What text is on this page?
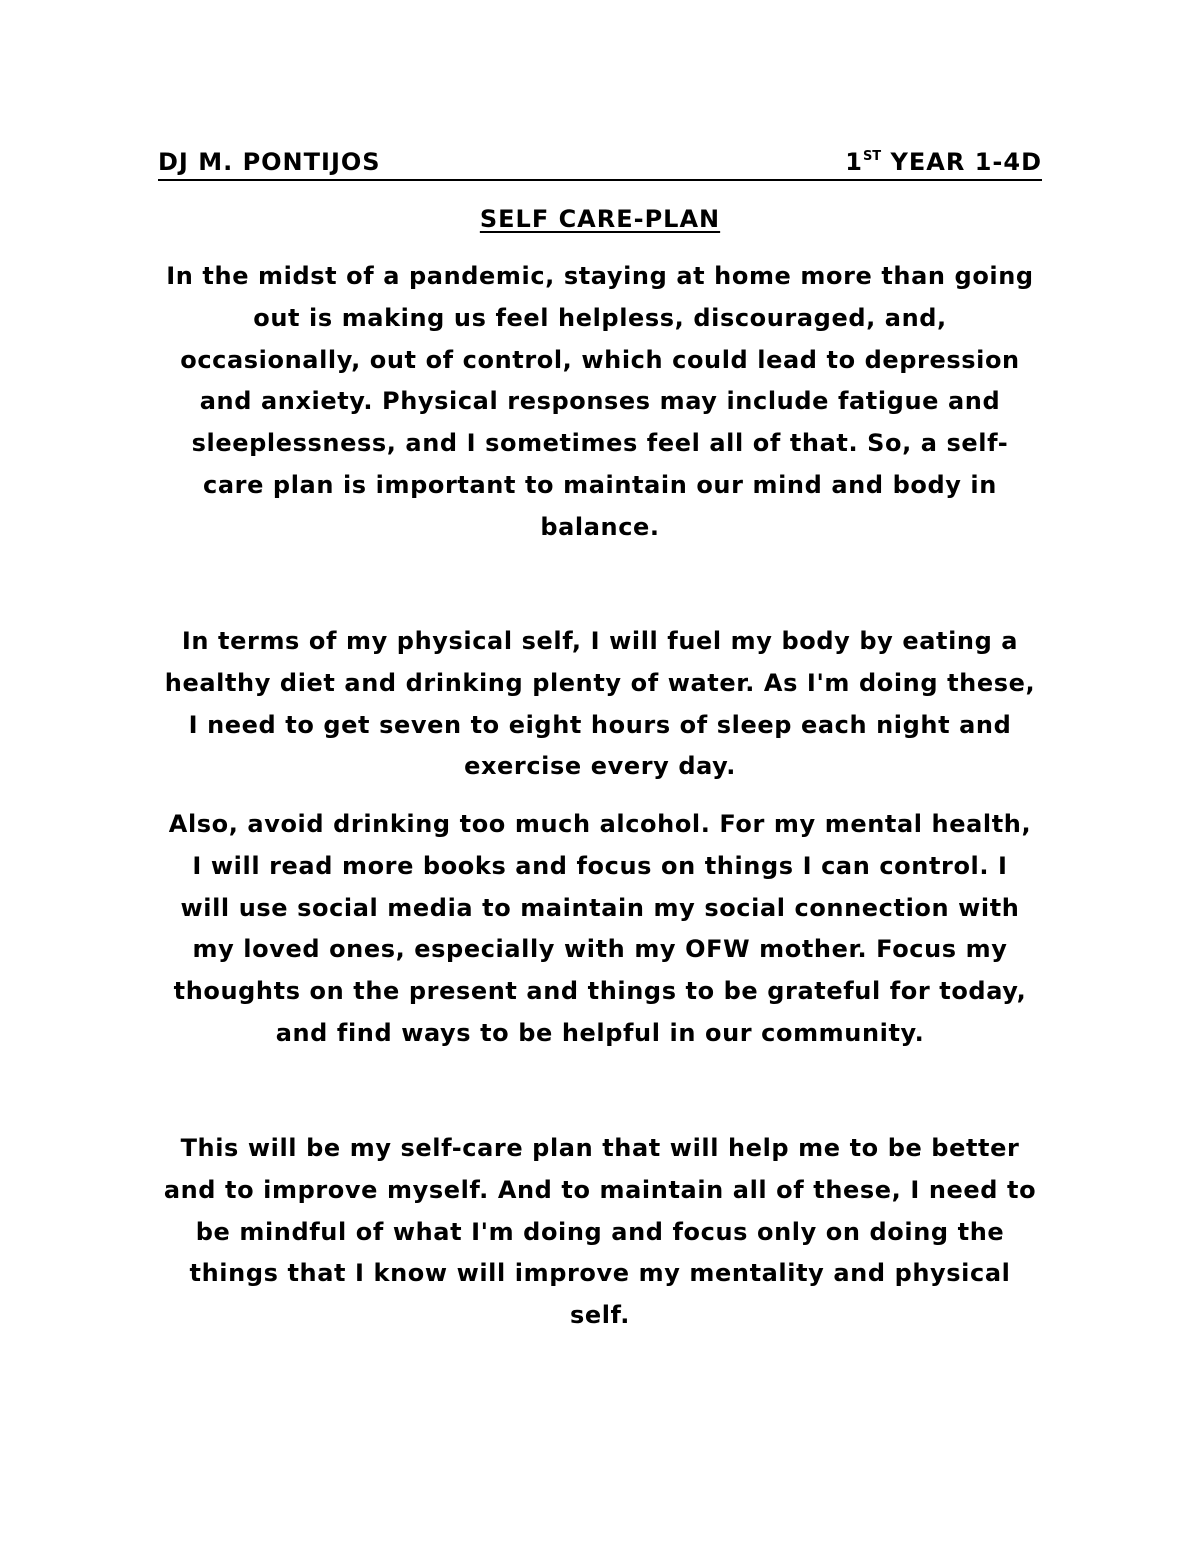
DJ M. PONTIJOS	1ST YEAR 1-4D
SELF CARE-PLAN
In the midst of a pandemic, staying at home more than going
out is making us feel helpless, discouraged, and,
occasionally, out of control, which could lead to depression
and anxiety. Physical responses may include fatigue and
sleeplessness, and I sometimes feel all of that. So, a self-
care plan is important to maintain our mind and body in
balance.
In terms of my physical self, I will fuel my body by eating a
healthy diet and drinking plenty of water. As I'm doing these,
I need to get seven to eight hours of sleep each night and
exercise every day.
Also, avoid drinking too much alcohol. For my mental health,
I will read more books and focus on things I can control. I
will use social media to maintain my social connection with
my loved ones, especially with my OFW mother. Focus my
thoughts on the present and things to be grateful for today,
and find ways to be helpful in our community.
This will be my self-care plan that will help me to be better
and to improve myself. And to maintain all of these, I need to
be mindful of what I'm doing and focus only on doing the
things that I know will improve my mentality and physical
self.
